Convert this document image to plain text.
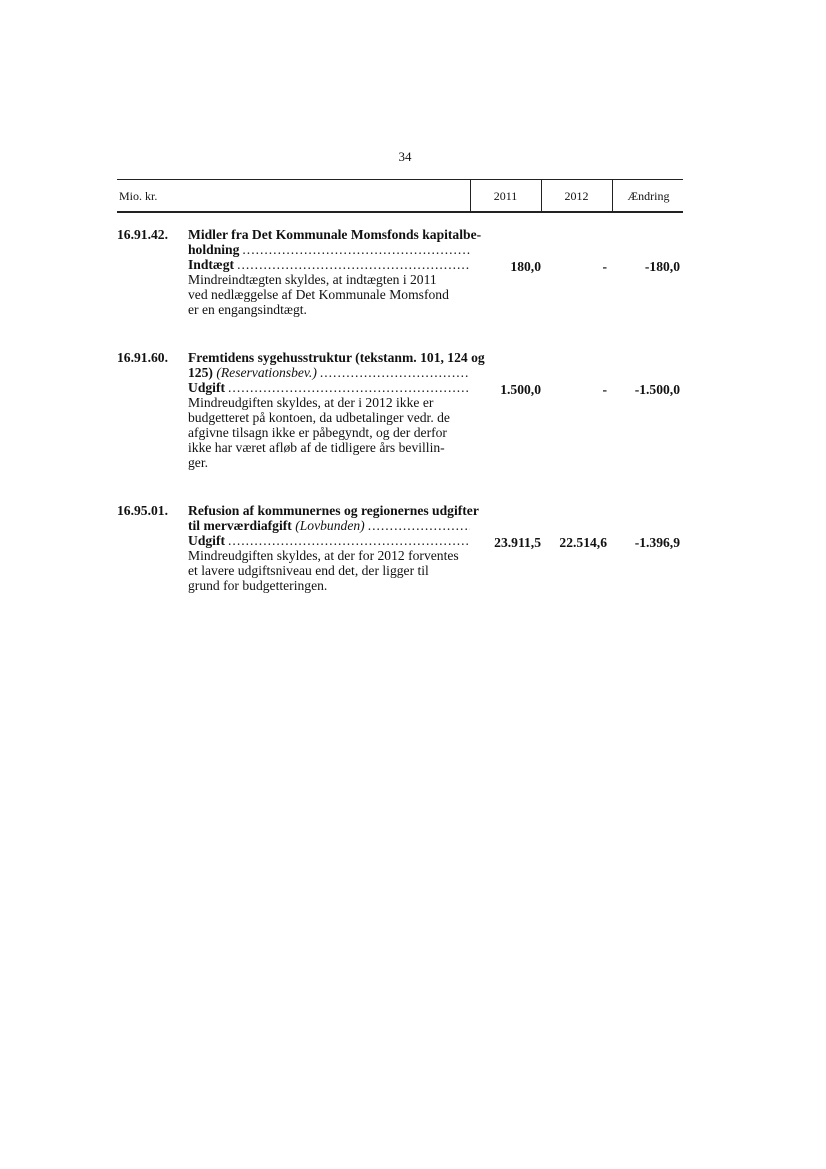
34
Mio. kr.	2011	2012	Ændring
16.91.42. Midler fra Det Kommunale Momsfonds kapitalbe-
holdning
.....
Indtægt
.....
Mindreindtægten skyldes, at indtægten i 2011
ved nedlæggelse af Det Kommunale Momsfond
er en engangsindtægt.
180,0	-	-180,0
16.91.60. Fremtidens sygehusstruktur (tekstanm. 101, 124 og
125)
(Reservationsbev.)
.....
Udgift
.....
Mindreudgiften skyldes, at der i 2012 ikke er
budgetteret på kontoen, da udbetalinger vedr. de
afgivne tilsagn ikke er påbegyndt, og der derfor
ikke har været afløb af de tidligere års bevillin-
ger.
1.500,0	-	-1.500,0
16.95.01. Refusion af kommunernes og regionernes udgifter
til merværdiafgift
(Lovbunden)
.....
Udgift
.....
Mindreudgiften skyldes, at der for 2012 forventes
et lavere udgiftsniveau end det, der ligger til
grund for budgetteringen.
23.911,5	22.514,6	-1.396,9
